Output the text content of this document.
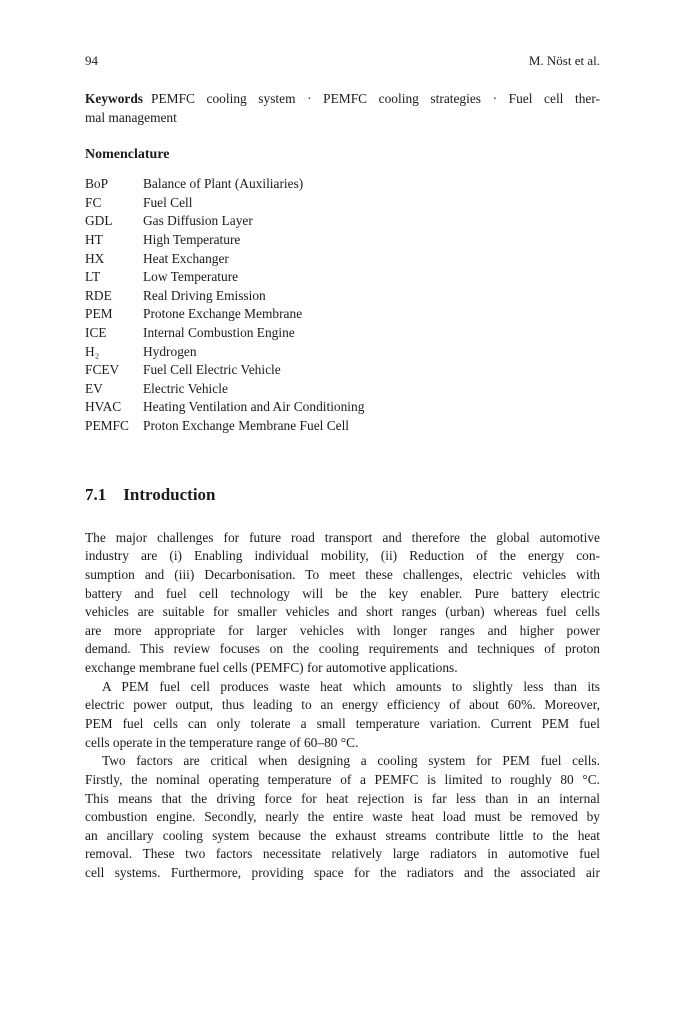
94	M. Nöst et al.
Keywords PEMFC cooling system · PEMFC cooling strategies · Fuel cell ther-
mal management
Nomenclature
BoP	Balance of Plant (Auxiliaries)
FC	Fuel Cell
GDL	Gas Diffusion Layer
HT	High Temperature
HX	Heat Exchanger
LT	Low Temperature
RDE	Real Driving Emission
PEM	Protone Exchange Membrane
ICE	Internal Combustion Engine
H₂	Hydrogen
FCEV	Fuel Cell Electric Vehicle
EV	Electric Vehicle
HVAC	Heating Ventilation and Air Conditioning
PEMFC	Proton Exchange Membrane Fuel Cell
7.1 Introduction
The major challenges for future road transport and therefore the global automotive
industry are (i) Enabling individual mobility, (ii) Reduction of the energy con-
sumption and (iii) Decarbonisation. To meet these challenges, electric vehicles with
battery and fuel cell technology will be the key enabler. Pure battery electric
vehicles are suitable for smaller vehicles and short ranges (urban) whereas fuel cells
are more appropriate for larger vehicles with longer ranges and higher power
demand. This review focuses on the cooling requirements and techniques of proton
exchange membrane fuel cells (PEMFC) for automotive applications.
A PEM fuel cell produces waste heat which amounts to slightly less than its
electric power output, thus leading to an energy efficiency of about 60%. Moreover,
PEM fuel cells can only tolerate a small temperature variation. Current PEM fuel
cells operate in the temperature range of 60–80 °C.
Two factors are critical when designing a cooling system for PEM fuel cells.
Firstly, the nominal operating temperature of a PEMFC is limited to roughly 80 °C.
This means that the driving force for heat rejection is far less than in an internal
combustion engine. Secondly, nearly the entire waste heat load must be removed by
an ancillary cooling system because the exhaust streams contribute little to the heat
removal. These two factors necessitate relatively large radiators in automotive fuel
cell systems. Furthermore, providing space for the radiators and the associated air
